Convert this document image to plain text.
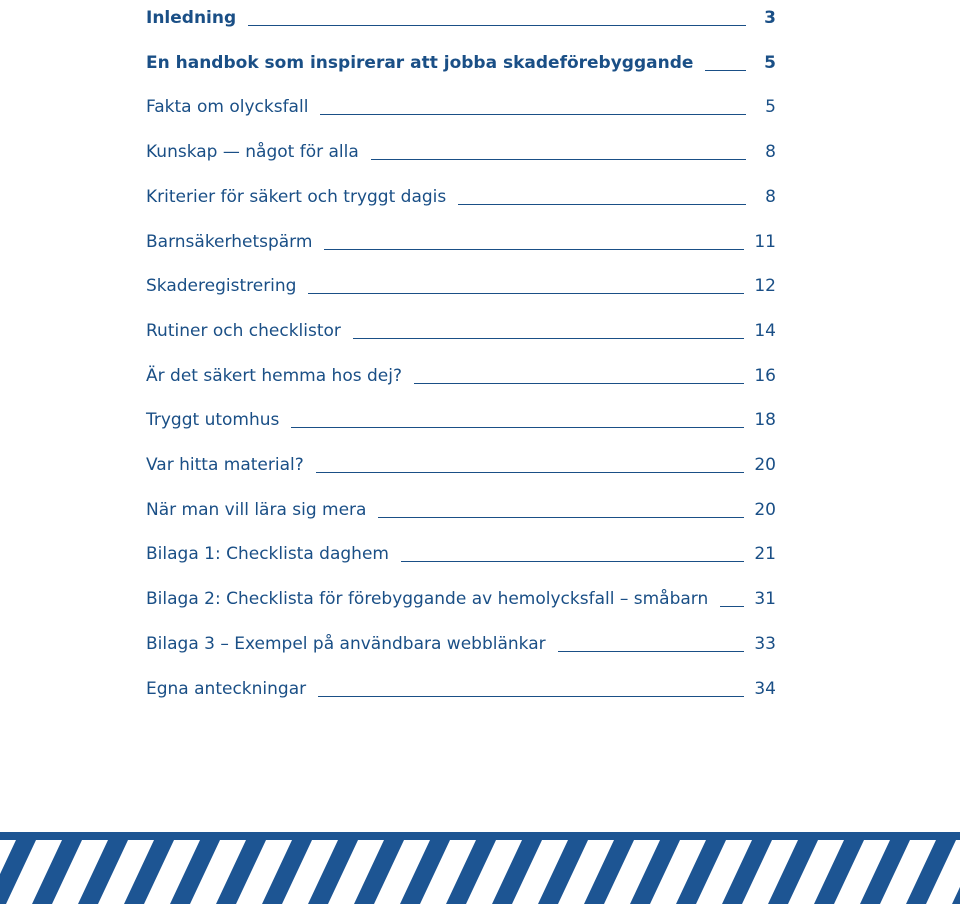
Inledning	3
En handbok som inspirerar att jobba skadeförebyggande	5
Fakta om olycksfall	5
Kunskap — något för alla	8
Kriterier för säkert och tryggt dagis	8
Barnsäkerhetspärm	11
Skaderegistrering	12
Rutiner och checklistor	14
Är det säkert hemma hos dej?	16
Tryggt utomhus	18
Var hitta material?	20
När man vill lära sig mera	20
Bilaga 1: Checklista daghem	21
Bilaga 2: Checklista för förebyggande av hemolycksfall – småbarn	31
Bilaga 3 – Exempel på användbara webblänkar	33
Egna anteckningar	34
